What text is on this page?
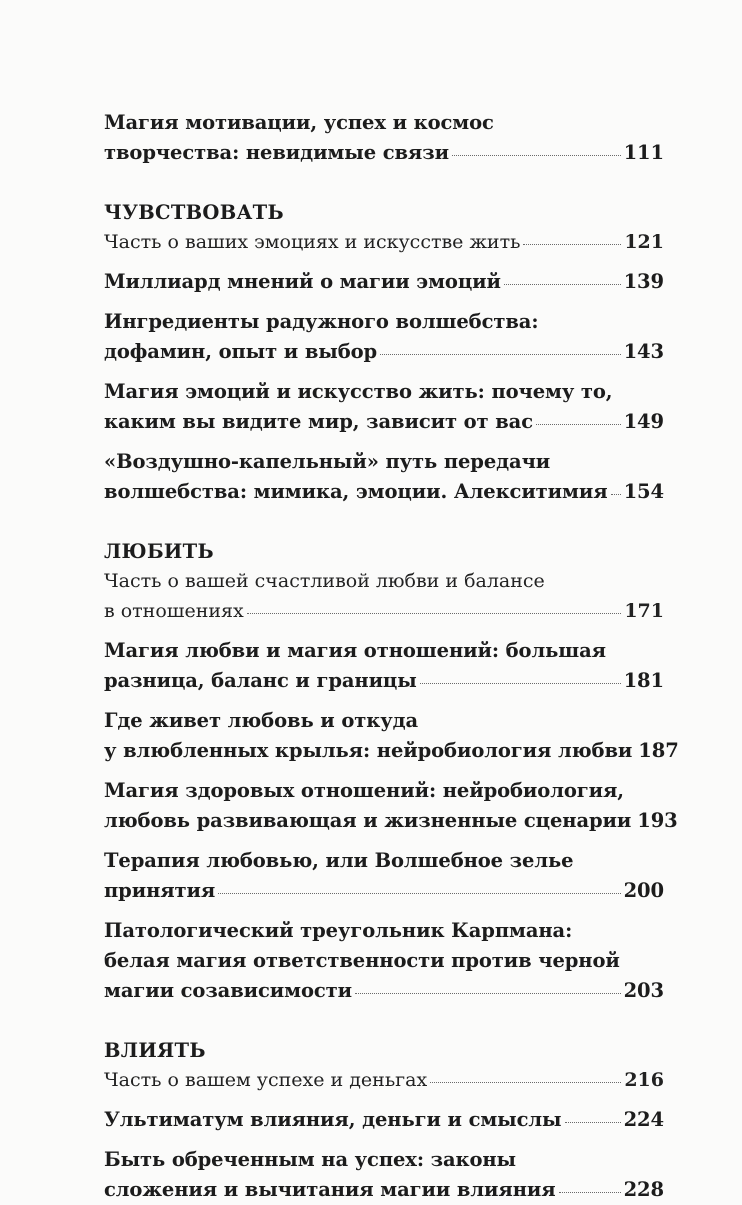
Магия мотивации, успех и космос
творчества: невидимые связи	111
ЧУВСТВОВАТЬ
Часть о ваших эмоциях и искусстве жить	121
Миллиард мнений о магии эмоций	139
Ингредиенты радужного волшебства:
дофамин, опыт и выбор	143
Магия эмоций и искусство жить: почему то,
каким вы видите мир, зависит от вас	149
«Воздушно-капельный» путь передачи
волшебства: мимика, эмоции. Алекситимия 154
ЛЮБИТЬ
Часть о вашей счастливой любви и балансе
в отношениях	171
Магия любви и магия отношений: большая
разница, баланс и границы	181
Где живет любовь и откуда
у влюбленных крылья: нейробиология любви 187
Магия здоровых отношений: нейробиология,
любовь развивающая и жизненные сценарии 193
Терапия любовью, или Волшебное зелье
принятия	200
Патологический треугольник Карпмана:
белая магия ответственности против черной
магии созависимости	203
ВЛИЯТЬ
Часть о вашем успехе и деньгах	216
Ультиматум влияния, деньги и смыслы	224
Быть обреченным на успех: законы
сложения и вычитания магии влияния	228
